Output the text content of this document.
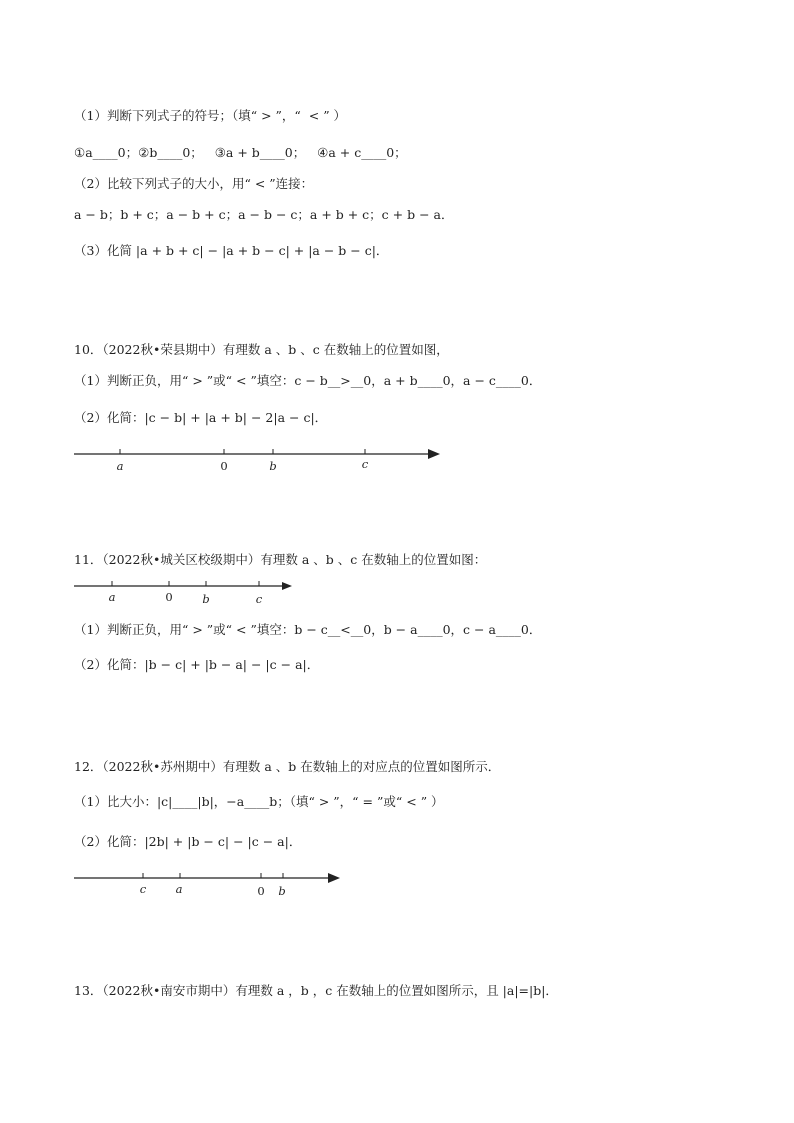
（1）判断下列式子的符号；（填“ > ”，“  < ” ）
①a____0；②b____0；   ③a + b____0；   ④a + c____0；
（2）比较下列式子的大小，用“ < ”连接：
a − b；b + c；a − b + c；a − b − c；a + b + c；c + b − a．
（3）化简 |a + b + c| − |a + b − c| + |a − b − c|．
10．（2022秋•荣县期中）有理数 a 、b 、c 在数轴上的位置如图，
（1）判断正负，用“ > ”或“ < ”填空：c − b__>__0，a + b____0，a − c____0．
（2）化简：|c − b| + |a + b| − 2|a − c|．
a	0	b	c
a	0	b	c
c	a	0 b
11．（2022秋•城关区校级期中）有理数 a 、b 、c 在数轴上的位置如图：
（1）判断正负，用“ > ”或“ < ”填空：b − c__<__0，b − a____0，c − a____0．
（2）化简：|b − c| + |b − a| − |c − a|．
12．（2022秋•苏州期中）有理数 a 、b 在数轴上的对应点的位置如图所示．
（1）比大小：|c|____|b|，−a____b；（填“ > ”，“ = ”或“ < ” ）
（2）化简：|2b| + |b − c| − |c − a|．
13．（2022秋•南安市期中）有理数 a ，b ，c 在数轴上的位置如图所示，且 |a|=|b|．
